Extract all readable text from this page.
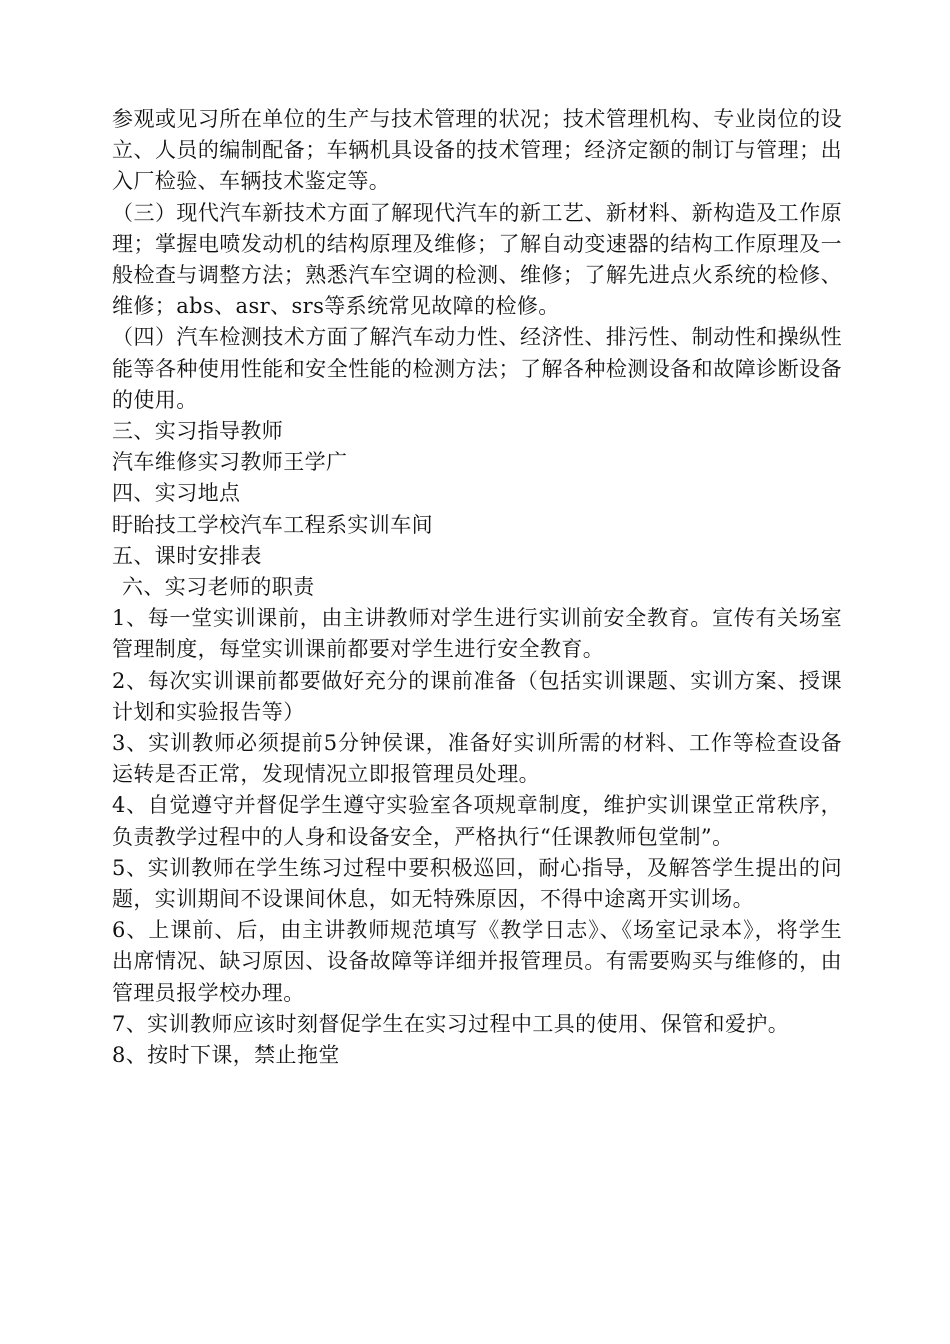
参观或见习所在单位的生产与技术管理的状况；技术管理机构、专业岗位的设立、人员的编制配备；车辆机具设备的技术管理；经济定额的制订与管理；出入厂检验、车辆技术鉴定等。

（三）现代汽车新技术方面了解现代汽车的新工艺、新材料、新构造及工作原理；掌握电喷发动机的结构原理及维修；了解自动变速器的结构工作原理及一般检查与调整方法；熟悉汽车空调的检测、维修；了解先进点火系统的检修、维修；abs、asr、srs等系统常见故障的检修。

（四）汽车检测技术方面了解汽车动力性、经济性、排污性、制动性和操纵性能等各种使用性能和安全性能的检测方法；了解各种检测设备和故障诊断设备的使用。

三、实习指导教师

汽车维修实习教师王学广

四、实习地点

盱眙技工学校汽车工程系实训车间

五、课时安排表

六、实习老师的职责

1、每一堂实训课前，由主讲教师对学生进行实训前安全教育。宣传有关场室管理制度，每堂实训课前都要对学生进行安全教育。

2、每次实训课前都要做好充分的课前准备（包括实训课题、实训方案、授课计划和实验报告等）

3、实训教师必须提前5分钟侯课，准备好实训所需的材料、工作等检查设备运转是否正常，发现情况立即报管理员处理。

4、自觉遵守并督促学生遵守实验室各项规章制度，维护实训课堂正常秩序，负责教学过程中的人身和设备安全，严格执行“任课教师包堂制”。

5、实训教师在学生练习过程中要积极巡回，耐心指导，及解答学生提出的问题，实训期间不设课间休息，如无特殊原因，不得中途离开实训场。

6、上课前、后，由主讲教师规范填写《教学日志》、《场室记录本》，将学生出席情况、缺习原因、设备故障等详细并报管理员。有需要购买与维修的，由管理员报学校办理。

7、实训教师应该时刻督促学生在实习过程中工具的使用、保管和爱护。

8、按时下课，禁止拖堂
